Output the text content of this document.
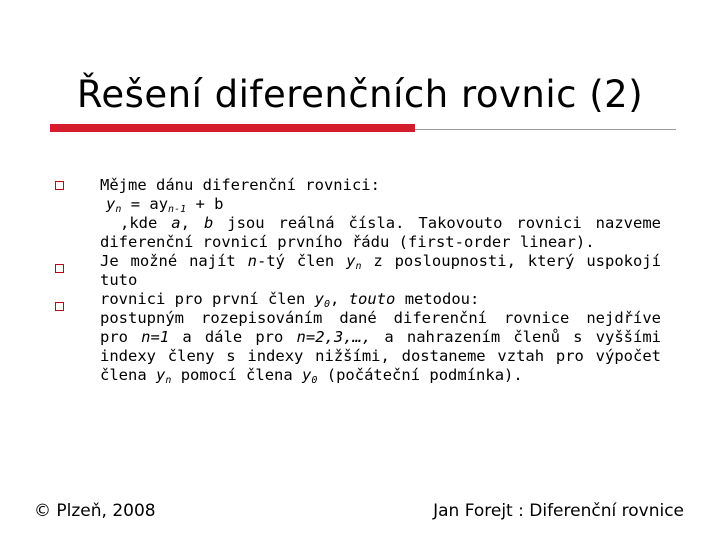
Řešení diferenčních rovnic (2)
Mějme dánu diferenční rovnici:
$y_n = ay_{n-1} + b$
,kde a, b jsou reálná čísla. Takovouto rovnici nazveme
diferenční rovnicí prvního řádu (first-order linear).
Je možné najít n-tý člen $y_n$ z posloupnosti, který uspokojí tuto
rovnici pro první člen $y_0$, touto metodou:
postupným rozepisováním dané diferenční rovnice nejdříve
pro n=1 a dále pro n=2,3,…, a nahrazením členů s vyššími
indexy členy s indexy nižšími, dostaneme vztah pro výpočet
člena $y_n$ pomocí člena $y_0$ (počáteční podmínka).
© Plzeň, 2008	Jan Forejt : Diferenční rovnice
